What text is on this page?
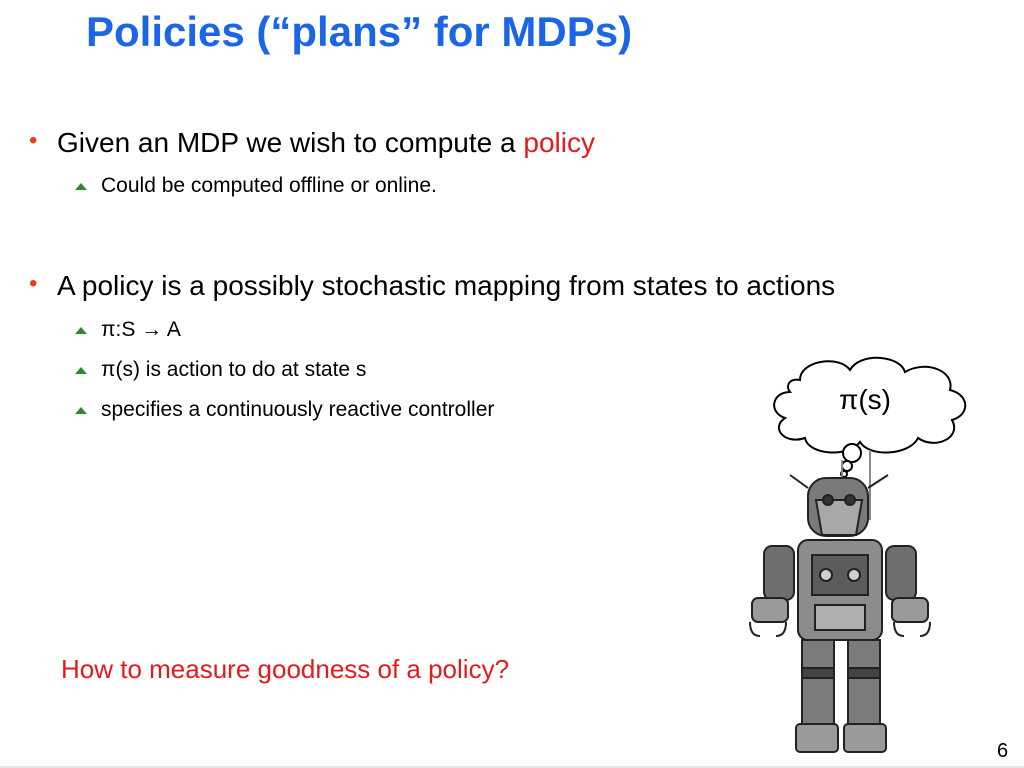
Policies (“plans” for MDPs)
• Given an MDP we wish to compute a policy
Could be computed offline or online.
• A policy is a possibly stochastic mapping from states to actions
π:S → A
π(s) is action to do at state s
specifies a continuously reactive controller	π(s)
How to measure goodness of a policy?
6
